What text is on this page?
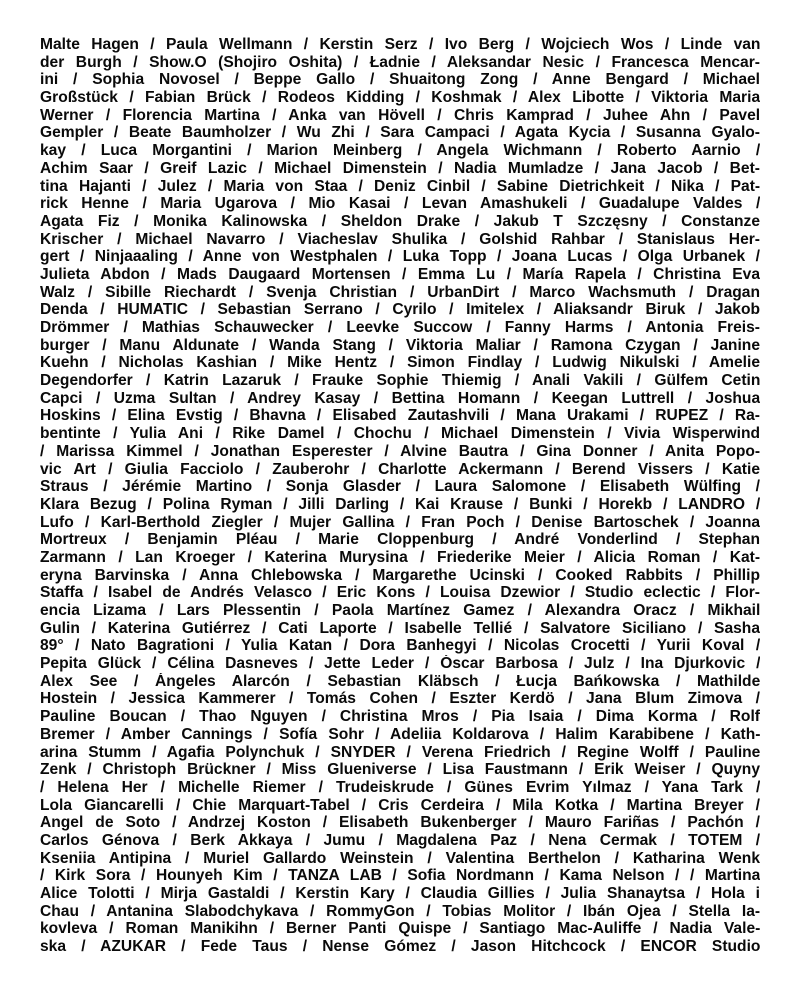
Malte Hagen / Paula Wellmann / Kerstin Serz / Ivo Berg / Wojciech Wos / Linde van
der Burgh / Show.O (Shojiro Oshita) / Ładnie / Aleksandar Nesic / Francesca Mencar-
ini / Sophia Novosel / Beppe Gallo / Shuaitong Zong / Anne Bengard / Michael
Großstück / Fabian Brück / Rodeos Kidding / Koshmak / Alex Libotte / Viktoria Maria
Werner / Florencia Martina / Anka van Hövell / Chris Kamprad / Juhee Ahn / Pavel
Gempler / Beate Baumholzer / Wu Zhi / Sara Campaci / Agata Kycia / Susanna Gyalo-
kay / Luca Morgantini / Marion Meinberg / Angela Wichmann / Roberto Aarnio /
Achim Saar / Greif Lazic / Michael Dimenstein / Nadia Mumladze / Jana Jacob / Bet-
tina Hajanti / Julez / Maria von Staa / Deniz Cinbil / Sabine Dietrichkeit / Nika / Pat-
rick Henne / Maria Ugarova / Mio Kasai / Levan Amashukeli / Guadalupe Valdes /
Agata Fiz / Monika Kalinowska / Sheldon Drake / Jakub T Szczęsny / Constanze
Krischer / Michael Navarro / Viacheslav Shulika / Golshid Rahbar / Stanislaus Her-
gert / Ninjaaaling / Anne von Westphalen / Luka Topp / Joana Lucas / Olga Urbanek /
Julieta Abdon / Mads Daugaard Mortensen / Emma Lu / María Rapela / Christina Eva
Walz / Sibille Riechardt / Svenja Christian / UrbanDirt / Marco Wachsmuth / Dragan
Denda / HUMATIC / Sebastian Serrano / Cyrilo / Imitelex / Aliaksandr Biruk / Jakob
Drömmer / Mathias Schauwecker / Leevke Succow / Fanny Harms / Antonia Freis-
burger / Manu Aldunate / Wanda Stang / Viktoria Maliar / Ramona Czygan / Janine
Kuehn / Nicholas Kashian / Mike Hentz / Simon Findlay / Ludwig Nikulski / Amelie
Degendorfer / Katrin Lazaruk / Frauke Sophie Thiemig / Anali Vakili / Gülfem Cetin
Capci / Uzma Sultan / Andrey Kasay / Bettina Homann / Keegan Luttrell / Joshua
Hoskins / Elina Evstig / Bhavna / Elisabed Zautashvili / Mana Urakami / RUPEZ / Ra-
bentinte / Yulia Ani / Rike Damel / Chochu / Michael Dimenstein / Vivia Wisperwind
/ Marissa Kimmel / Jonathan Esperester / Alvine Bautra / Gina Donner / Anita Popo-
vic Art / Giulia Facciolo / Zauberohr / Charlotte Ackermann / Berend Vissers / Katie
Straus / Jérémie Martino / Sonja Glasder / Laura Salomone / Elisabeth Wülfing /
Klara Bezug / Polina Ryman / Jilli Darling / Kai Krause / Bunki / Horekb / LANDRO /
Lufo / Karl-Berthold Ziegler / Mujer Gallina / Fran Poch / Denise Bartoschek / Joanna
Mortreux / Benjamin Pléau / Marie Cloppenburg / André Vonderlind / Stephan
Zarmann / Lan Kroeger / Katerina Murysina / Friederike Meier / Alicia Roman / Kat-
eryna Barvinska / Anna Chlebowska / Margarethe Ucinski / Cooked Rabbits / Phillip
Staffa / Isabel de Andrés Velasco / Eric Kons / Louisa Dzewior / Studio eclectic / Flor-
encia Lizama / Lars Plessentin / Paola Martínez Gamez / Alexandra Oracz / Mikhail
Gulin / Katerina Gutiérrez / Cati Laporte / Isabelle Tellié / Salvatore Siciliano / Sasha
89° / Nato Bagrationi / Yulia Katan / Dora Banhegyi / Nicolas Crocetti / Yurii Koval /
Pepita Glück / Célina Dasneves / Jette Leder / Óscar Barbosa / Julz / Ina Djurkovic /
Alex See / Ángeles Alarcón / Sebastian Kläbsch / Łucja Bańkowska / Mathilde
Hostein / Jessica Kammerer / Tomás Cohen / Eszter Kerdö / Jana Blum Zimova /
Pauline Boucan / Thao Nguyen / Christina Mros / Pia Isaia / Dima Korma / Rolf
Bremer / Amber Cannings / Sofía Sohr / Adeliia Koldarova / Halim Karabibene / Kath-
arina Stumm / Agafia Polynchuk / SNYDER / Verena Friedrich / Regine Wolff / Pauline
Zenk / Christoph Brückner / Miss Glueniverse / Lisa Faustmann / Erik Weiser / Quyny
/ Helena Her / Michelle Riemer / Trudeiskrude / Günes Evrim Yılmaz / Yana Tark /
Lola Giancarelli / Chie Marquart-Tabel / Cris Cerdeira / Mila Kotka / Martina Breyer /
Angel de Soto / Andrzej Koston / Elisabeth Bukenberger / Mauro Fariñas / Pachón /
Carlos Génova / Berk Akkaya / Jumu / Magdalena Paz / Nena Cermak / TOTEM /
Kseniia Antipina / Muriel Gallardo Weinstein / Valentina Berthelon / Katharina Wenk
/ Kirk Sora / Hounyeh Kim / TANZA LAB / Sofia Nordmann / Kama Nelson / / Martina
Alice Tolotti / Mirja Gastaldi / Kerstin Kary / Claudia Gillies / Julia Shanaytsa / Hola i
Chau / Antanina Slabodchykava / RommyGon / Tobias Molitor / Ibán Ojea / Stella Ia-
kovleva / Roman Manikihn / Berner Panti Quispe / Santiago Mac-Auliffe / Nadia Vale-
ska / AZUKAR / Fede Taus / Nense Gómez / Jason Hitchcock / ENCOR Studio
